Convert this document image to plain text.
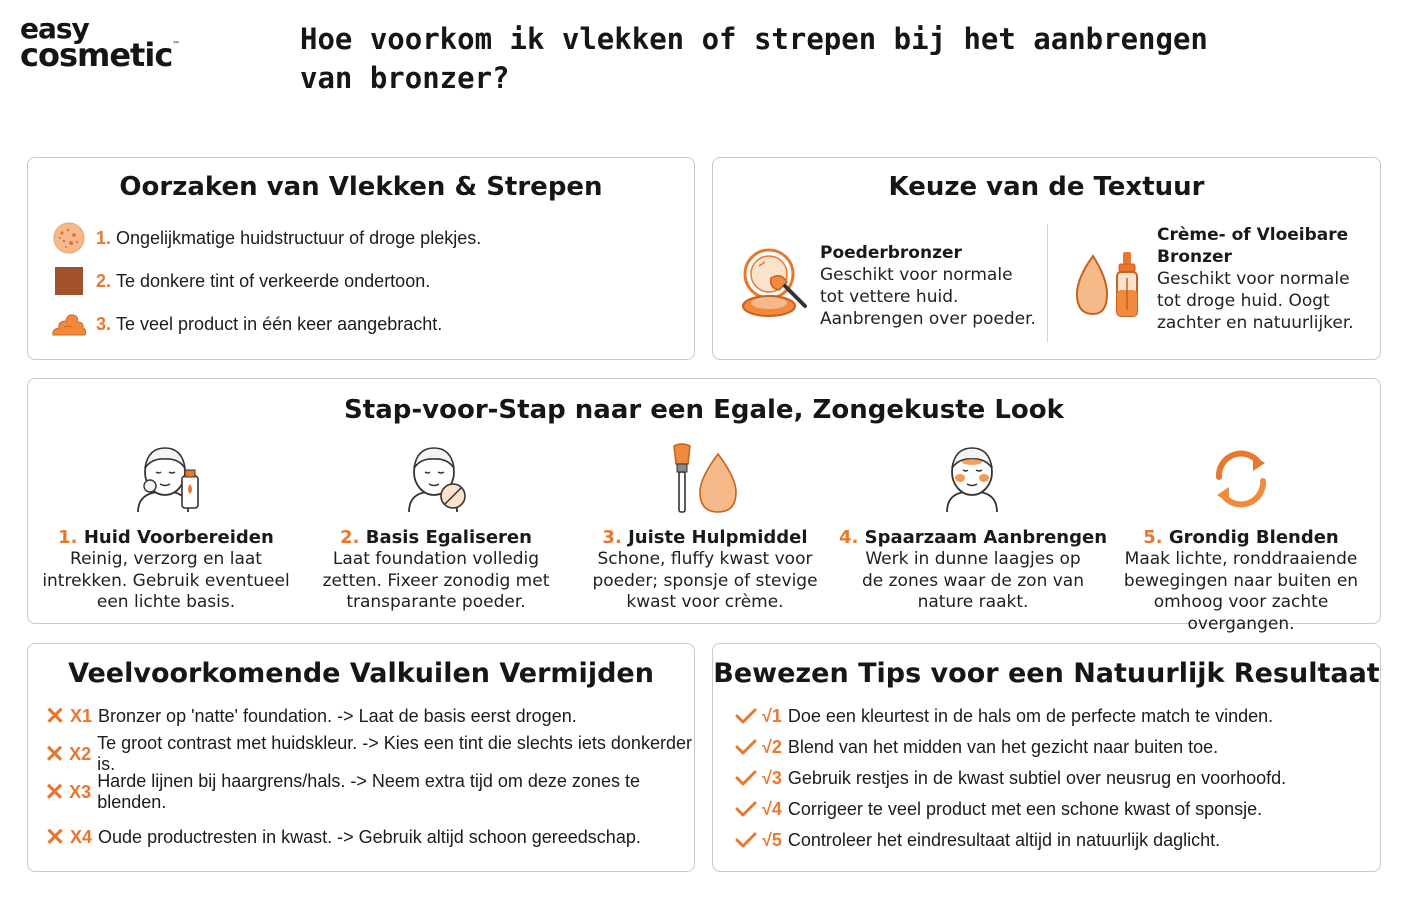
easy
cosmetic™	Hoe voorkom ik vlekken of strepen bij het aanbrengen van bronzer?
Oorzaken van Vlekken & Strepen
1. Ongelijkmatige huidstructuur of droge plekjes.
2. Te donkere tint of verkeerde ondertoon.
3. Te veel product in één keer aangebracht.
Keuze van de Textuur
Poederbronzer
Geschikt voor normale
tot vettere huid.
Aanbrengen over poeder.
Crème- of Vloeibare
Bronzer
Geschikt voor normale
tot droge huid. Oogt
zachter en natuurlijker.
Stap-voor-Stap naar een Egale, Zongekuste Look
1. Huid Voorbereiden
Reinig, verzorg en laat
intrekken. Gebruik eventueel
een lichte basis.
2. Basis Egaliseren
Laat foundation volledig
zetten. Fixeer zonodig met
transparante poeder.
3. Juiste Hulpmiddel
Schone, fluffy kwast voor
poeder; sponsje of stevige
kwast voor crème.
4. Spaarzaam Aanbrengen
Werk in dunne laagjes op
de zones waar de zon van
nature raakt.
5. Grondig Blenden
Maak lichte, ronddraaiende
bewegingen naar buiten en
omhoog voor zachte overgangen.
Veelvoorkomende Valkuilen Vermijden
✕ X1 Bronzer op 'natte' foundation. -> Laat de basis eerst drogen.
✕ X2
Te groot contrast met huidskleur. -> Kies een tint die slechts iets donkerder is.
✕ X3
Harde lijnen bij haargrens/hals. -> Neem extra tijd om deze zones te blenden.
✕ X4 Oude productresten in kwast. -> Gebruik altijd schoon gereedschap.
Bewezen Tips voor een Natuurlijk Resultaat
√1 Doe een kleurtest in de hals om de perfecte match te vinden.
√2 Blend van het midden van het gezicht naar buiten toe.
√3 Gebruik restjes in de kwast subtiel over neusrug en voorhoofd.
√4 Corrigeer te veel product met een schone kwast of sponsje.
√5 Controleer het eindresultaat altijd in natuurlijk daglicht.
